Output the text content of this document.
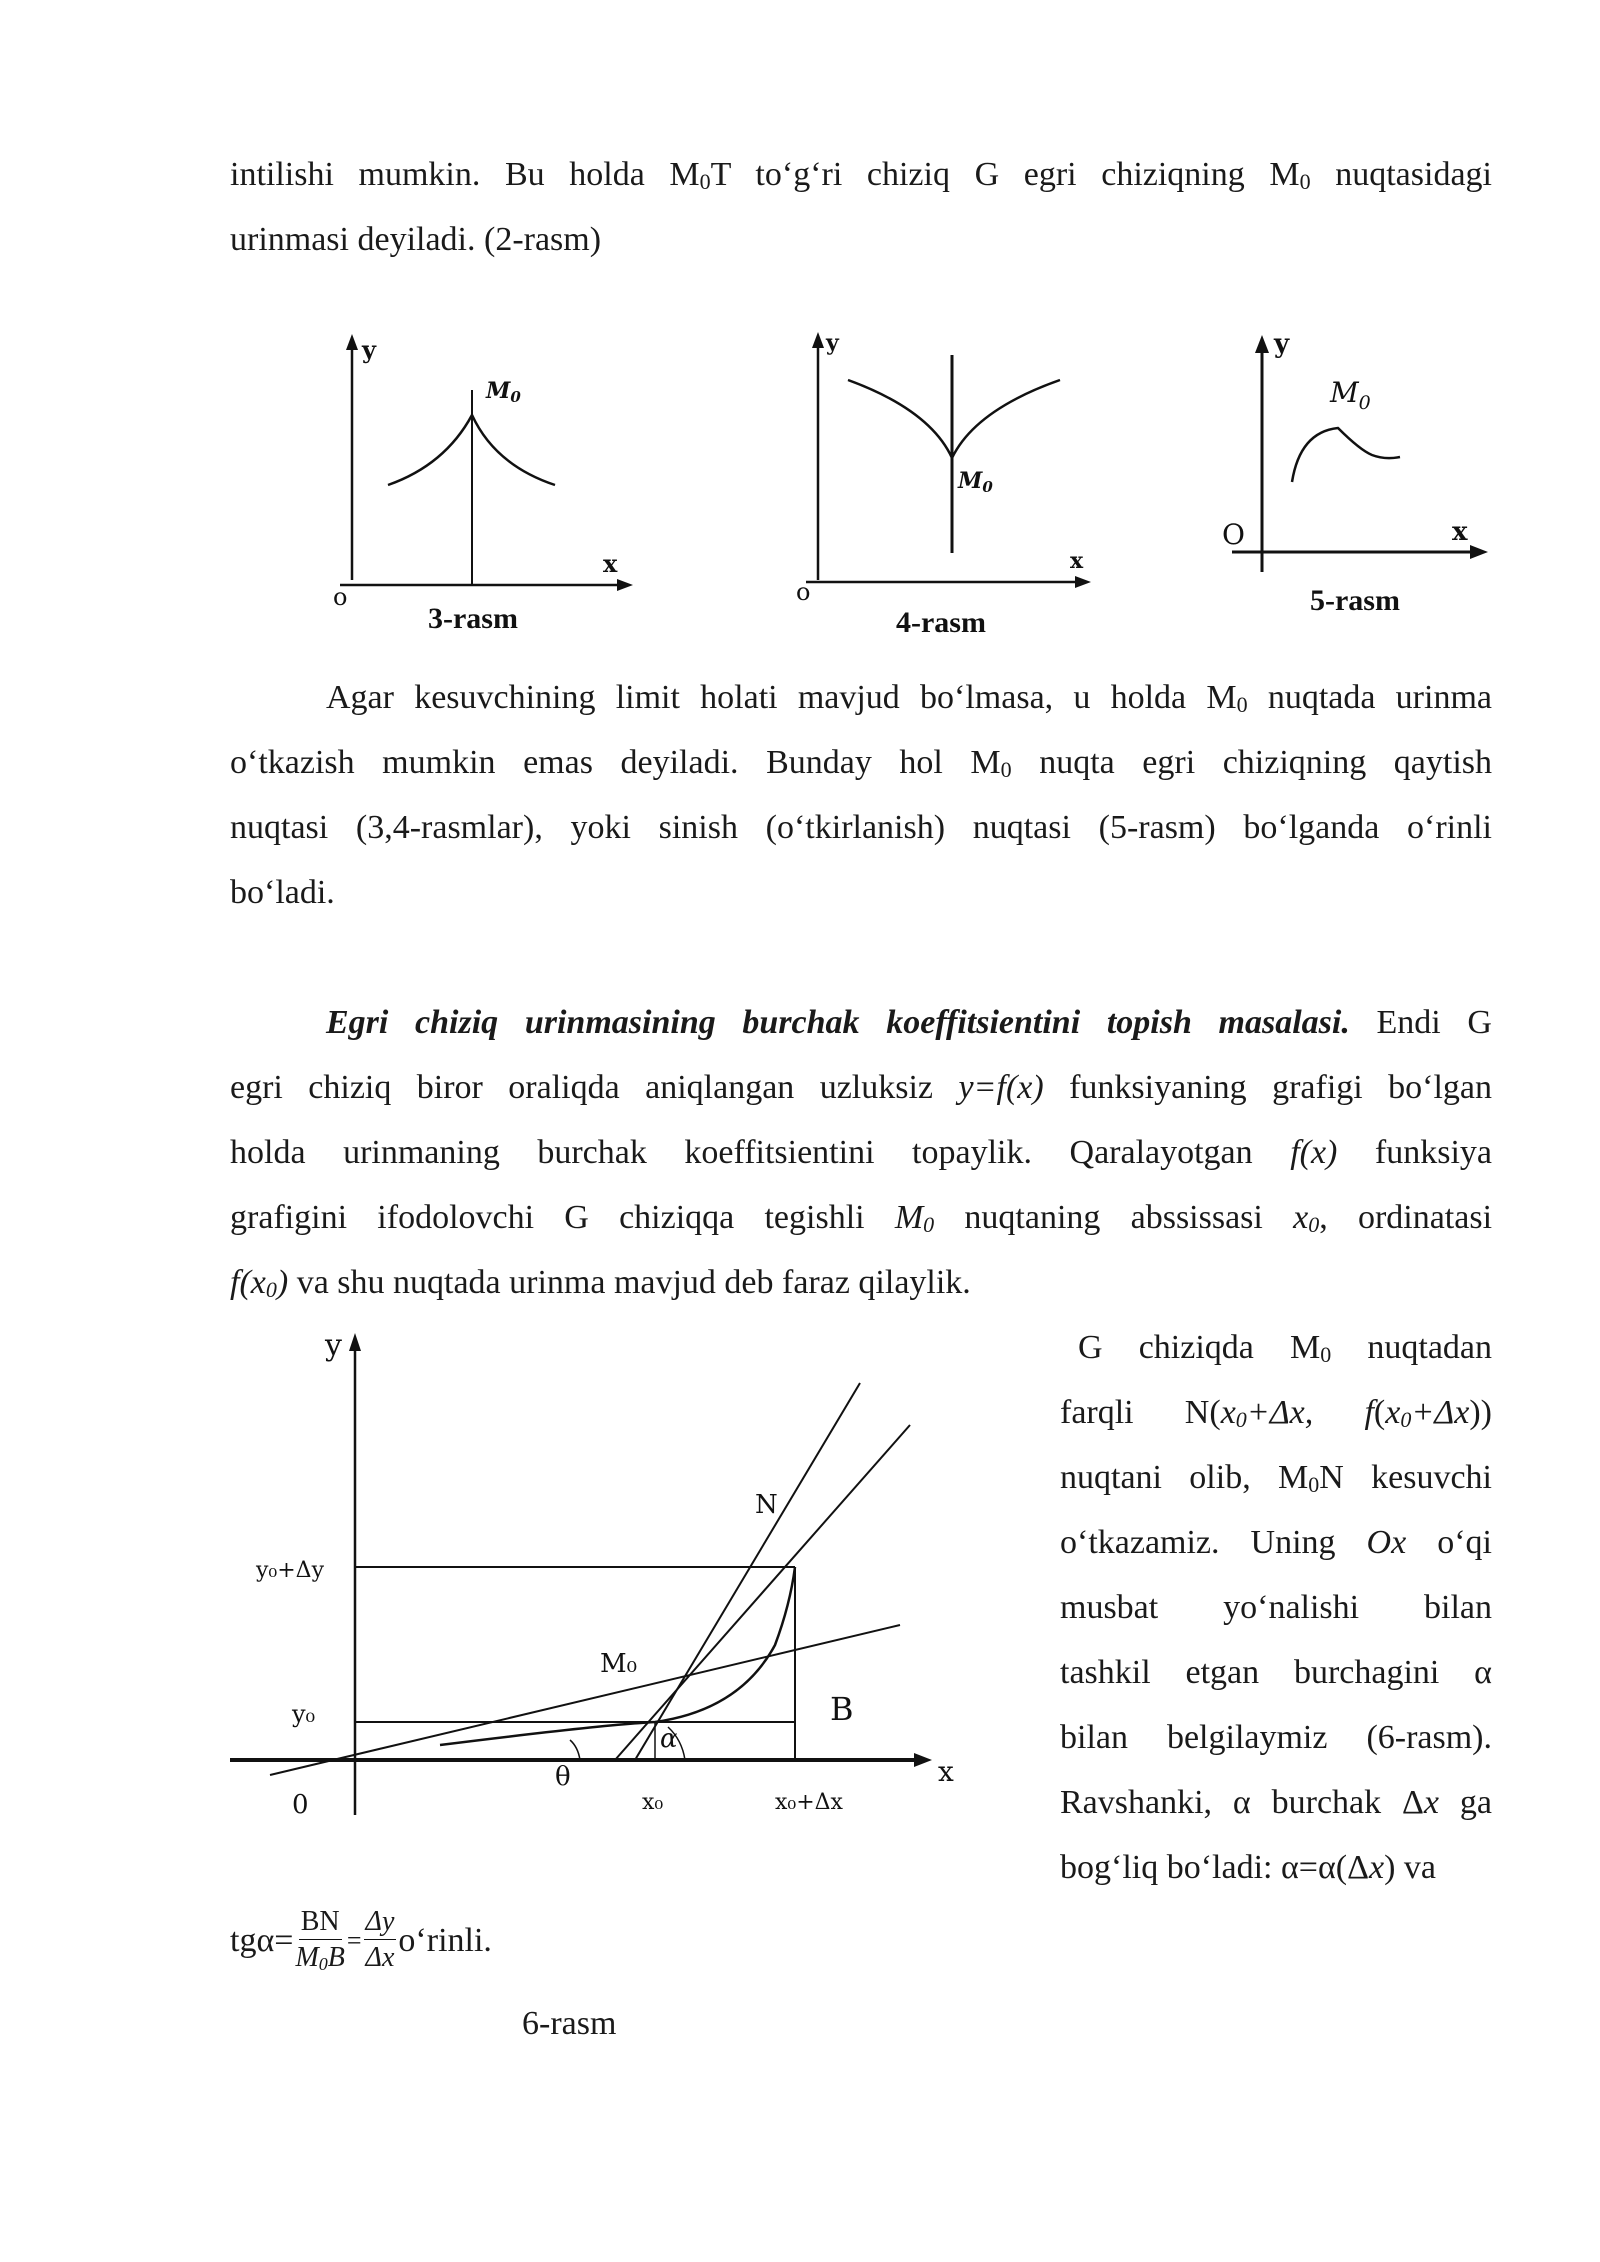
intilishi mumkin. Bu holda $M_0T$ to‘g‘ri chiziq G egri chiziqning $M_0$ nuqtasidagi
urinmasi deyiladi. (2-rasm)
y
x
o
M0
3-rasm
y
x
o
M0
4-rasm
y
x
O
$M_0$
5-rasm
Agar kesuvchining limit holati mavjud bo‘lmasa, u holda $M_0$ nuqtada urinma
o‘tkazish mumkin emas deyiladi. Bunday hol $M_0$ nuqta egri chiziqning qaytish
nuqtasi (3,4-rasmlar), yoki sinish (o‘tkirlanish) nuqtasi (5-rasm) bo‘lganda o‘rinli
bo‘ladi.
Egri chiziq urinmasining burchak koeffitsientini topish masalasi. Endi G
egri chiziq biror oraliqda aniqlangan uzluksiz y=f(x) funksiyaning grafigi bo‘lgan
holda urinmaning burchak koeffitsientini topaylik. Qaralayotgan f(x) funksiya
grafigini ifodolovchi G chiziqqa tegishli $M_0$ nuqtaning abssissasi $x_0$, ordinatasi
$f(x_0)$ va shu nuqtada urinma mavjud deb faraz qilaylik.
y
x
0
y₀+Δy
y₀
N
M₀
B
α
θ
x₀	x₀+Δx
G chiziqda $M_0$ nuqtadan
farqli $N(x_0+\Delta x$, $f(x_0+\Delta x)$)
nuqtani olib, $M_0N$ kesuvchi
o‘tkazamiz. Uning Ox o‘qi
musbat yo‘nalishi bilan
tashkil etgan burchagini α
bilan belgilaymiz (6-rasm).
Ravshanki, α burchak Δx ga
bog‘liq bo‘ladi: α=α(Δx) va
$tg\alpha= \frac{BN}{M_0B} = \frac{\Delta y}{\Delta x}$ o‘rinli.
6-rasm
